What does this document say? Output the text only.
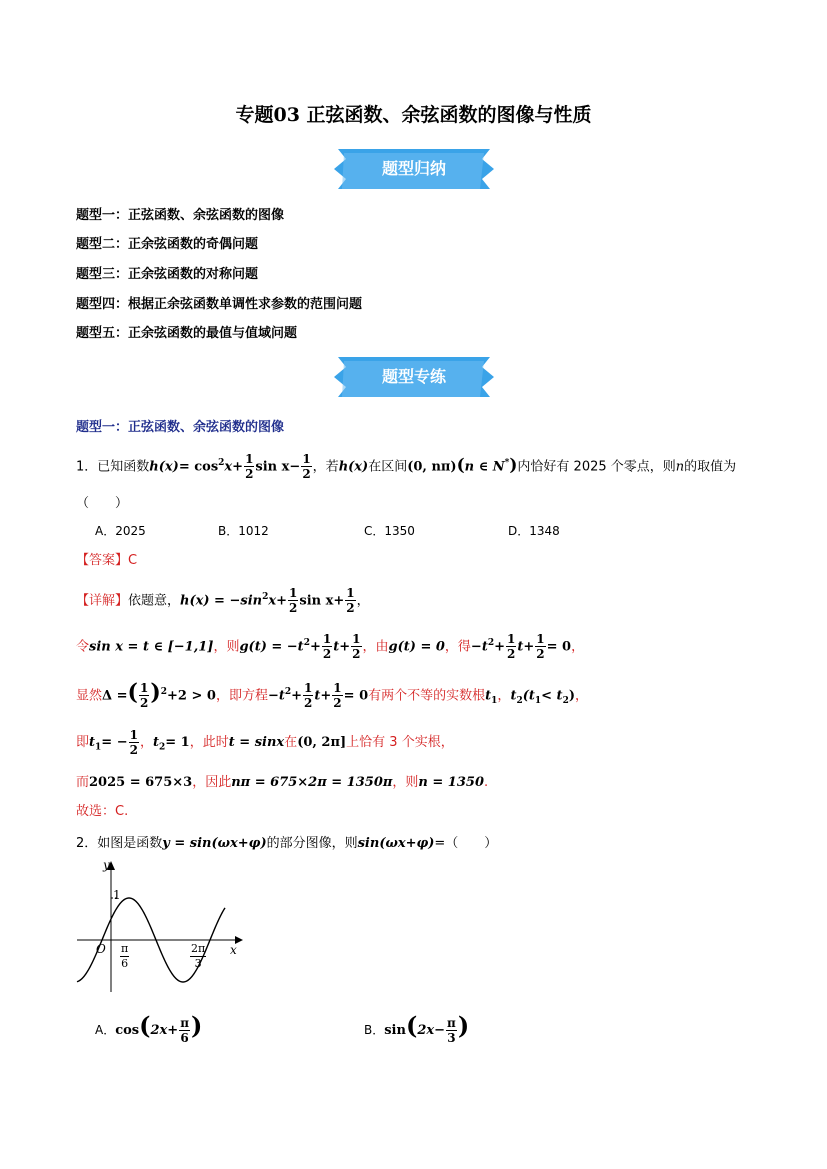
专题03 正弦函数、余弦函数的图像与性质
题型归纳
题型一：正弦函数、余弦函数的图像
题型二：正余弦函数的奇偶问题
题型三：正余弦函数的对称问题
题型四：根据正余弦函数单调性求参数的范围问题
题型五：正余弦函数的最值与值域问题
题型专练
题型一：正弦函数、余弦函数的图像
1．已知函数$h(x)= \cos^2x+ \frac{1}{2}$ $\sin x- \frac{1}{2}$ ，若h(x)在区间(0, nπ)(n ∈ N*)内恰好有 2025 个零点，则n的取值为
（　　）
A．2025	B．1012	C．1350	D．1348
【答案】C
【详解】依题意，$h(x) = -\sin^2x+ \frac{1}{2}$ $\sin x+ \frac{1}{2}$ ，
令sin x = t ∈ [−1,1]，则$g(t) = -t^2+ \frac{1}{2} t+ \frac{1}{2}$ ，由g(t) = 0，得$-t^2+ \frac{1}{2} t+ \frac{1}{2} = 0$，
显然Δ =( $\frac{1}{2} )^2+2 > 0$，即方程$-t^2+ \frac{1}{2} t+ \frac{1}{2} = 0$有两个不等的实数根$t_1$，$t_2(t_1< t_2)$，
即$t_1= - \frac{1}{2}$ ，$t_2= 1$，此时t = sinx在(0, 2π]上恰有 3 个实根，
而2025 = 675×3，因此nπ = 675×2π = 1350π，则n = 1350.
故选：C.
2．如图是函数y = sin(ωx+φ)的部分图像，则sin(ωx+φ)=（　　）
y
x
O
1
$\frac{\pi}{6}$	$\frac{2\pi}{3}$
A．$\cos(2x+ \frac{\pi}{6}$ )	B．$\sin(2x- \frac{\pi}{3}$ )
